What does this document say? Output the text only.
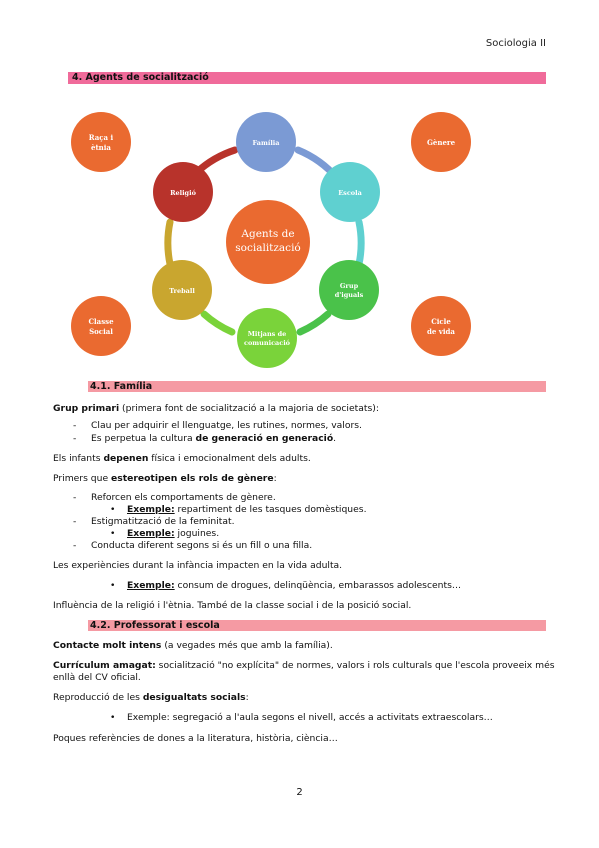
Sociologia II
4. Agents de socialització
Agents de
socialització
Família
Escola
Grup
d'iguals
Mitjans de
comunicació
Treball
Religió
Raça i
ètnia
Gènere
Classe
Social
Cicle
de vida
4.1. Família
Grup primari (primera font de socialització a la majoria de societats):
- Clau per adquirir el llenguatge, les rutines, normes, valors.
- Es perpetua la cultura de generació en generació.
Els infants depenen física i emocionalment dels adults.
Primers que estereotipen els rols de gènere:
- Reforcen els comportaments de gènere.
• Exemple: repartiment de les tasques domèstiques.
- Estigmatització de la feminitat.
• Exemple: joguines.
- Conducta diferent segons si és un fill o una filla.
Les experiències durant la infància impacten en la vida adulta.
• Exemple: consum de drogues, delinqüència, embarassos adolescents…
Influència de la religió i l'ètnia. També de la classe social i de la posició social.
4.2. Professorat i escola
Contacte molt intens (a vegades més que amb la família).
Currículum amagat: socialització "no explícita" de normes, valors i rols culturals que l'escola proveeix més
enllà del CV oficial.
Reproducció de les desigualtats socials:
• Exemple: segregació a l'aula segons el nivell, accés a activitats extraescolars…
Poques referències de dones a la literatura, història, ciència…
2
